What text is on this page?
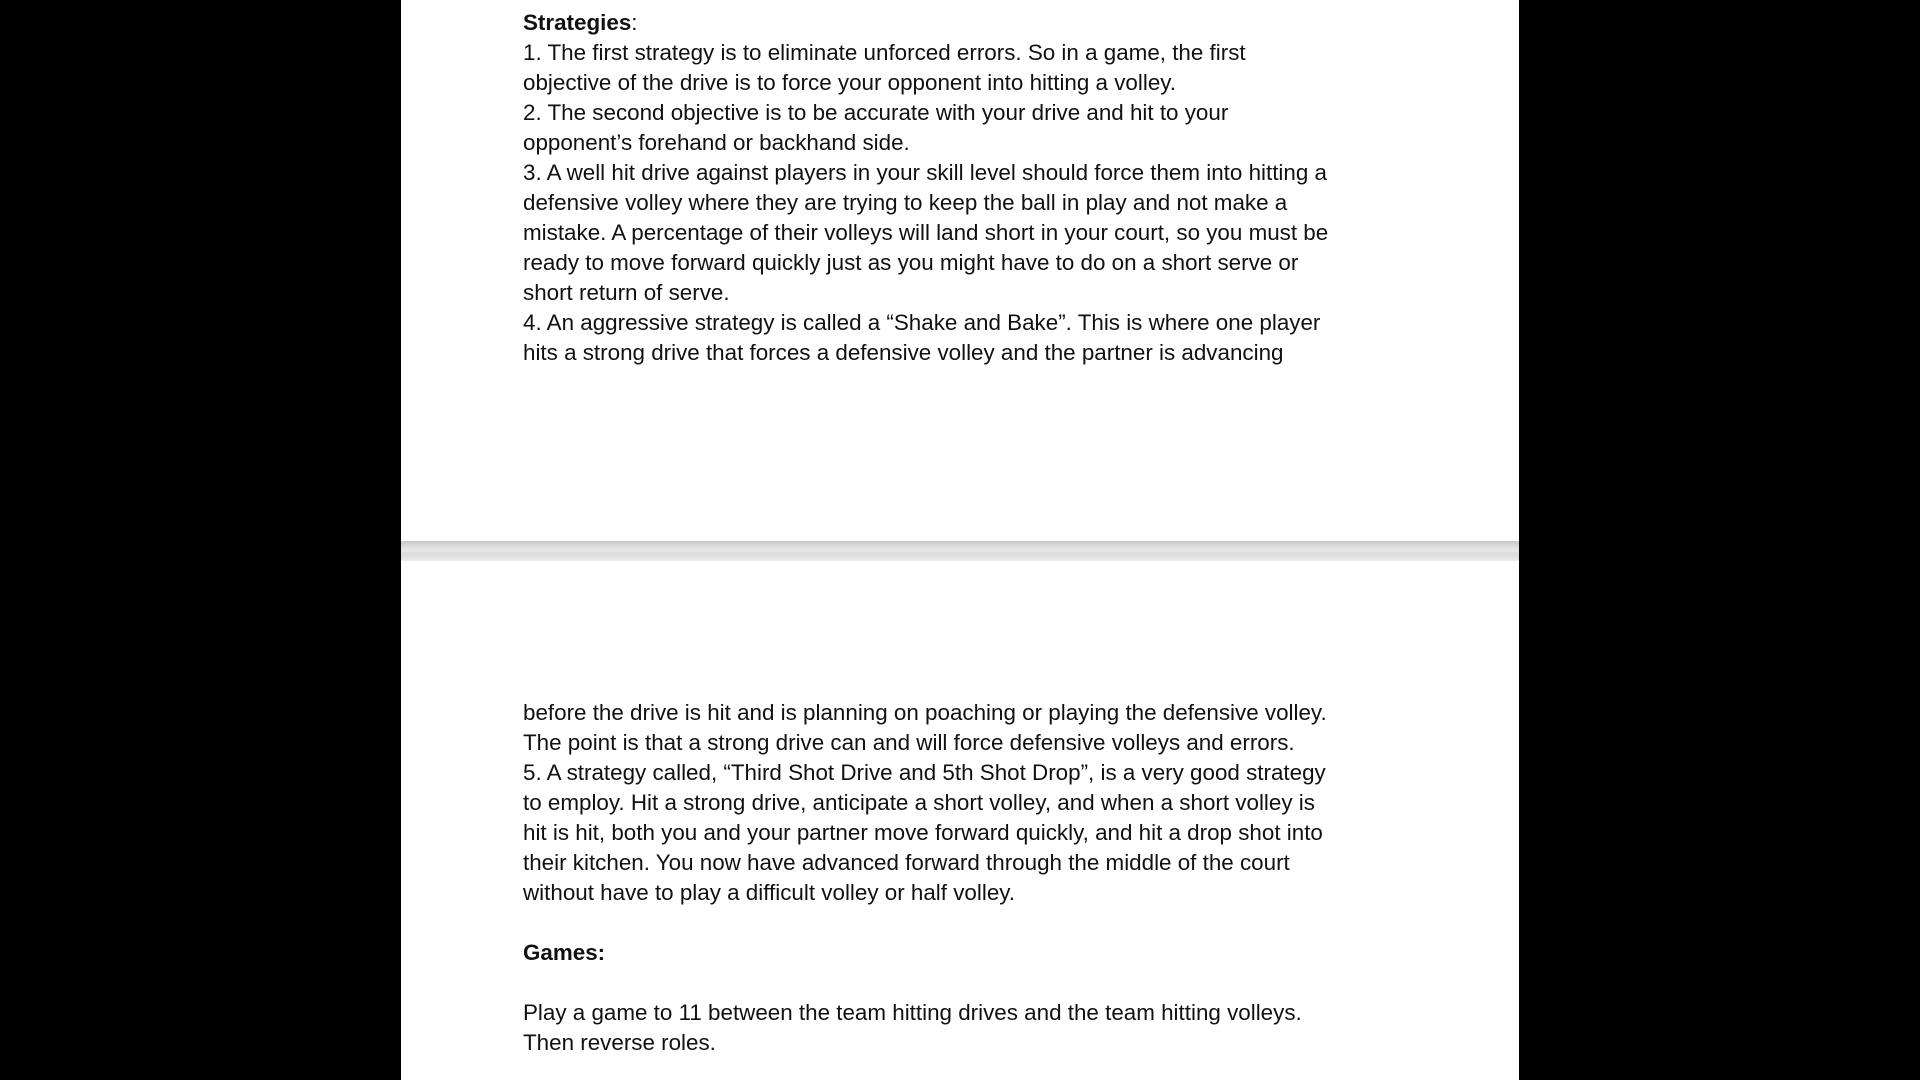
Strategies:
1. The first strategy is to eliminate unforced errors. So in a game, the first
objective of the drive is to force your opponent into hitting a volley.
2. The second objective is to be accurate with your drive and hit to your
opponent’s forehand or backhand side.
3. A well hit drive against players in your skill level should force them into hitting a
defensive volley where they are trying to keep the ball in play and not make a
mistake. A percentage of their volleys will land short in your court, so you must be
ready to move forward quickly just as you might have to do on a short serve or
short return of serve.
4. An aggressive strategy is called a “Shake and Bake”. This is where one player
hits a strong drive that forces a defensive volley and the partner is advancing
before the drive is hit and is planning on poaching or playing the defensive volley.
The point is that a strong drive can and will force defensive volleys and errors.
5. A strategy called, “Third Shot Drive and 5th Shot Drop”, is a very good strategy
to employ. Hit a strong drive, anticipate a short volley, and when a short volley is
hit is hit, both you and your partner move forward quickly, and hit a drop shot into
their kitchen. You now have advanced forward through the middle of the court
without have to play a difficult volley or half volley.
Games:
Play a game to 11 between the team hitting drives and the team hitting volleys.
Then reverse roles.
